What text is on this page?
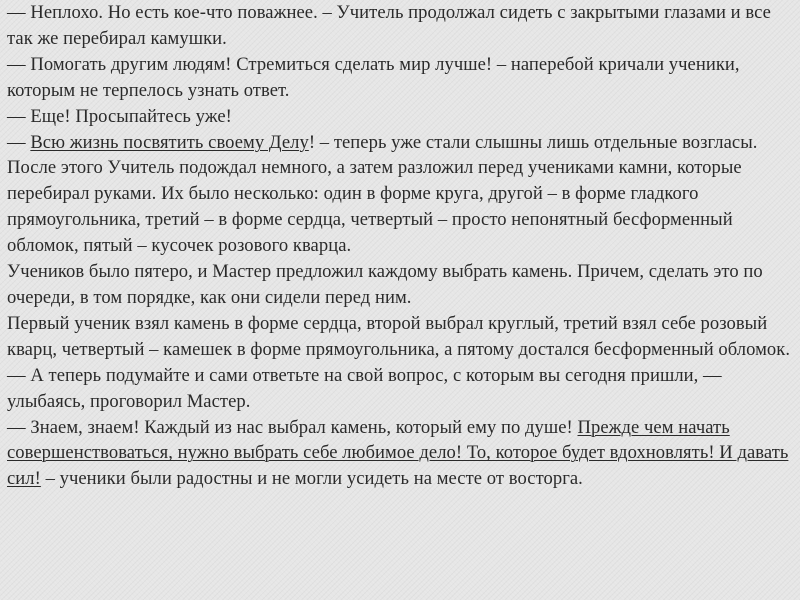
— Неплохо. Но есть кое-что поважнее. – Учитель продолжал сидеть с закрытыми глазами и все так же перебирал камушки.

— Помогать другим людям! Стремиться сделать мир лучше! – наперебой кричали ученики, которым не терпелось узнать ответ.

— Еще! Просыпайтесь уже!

— Всю жизнь посвятить своему Делу! – теперь уже стали слышны лишь отдельные возгласы.

После этого Учитель подождал немного, а затем разложил перед учениками камни, которые перебирал руками. Их было несколько: один в форме круга, другой – в форме гладкого прямоугольника, третий – в форме сердца, четвертый – просто непонятный бесформенный обломок, пятый – кусочек розового кварца.

Учеников было пятеро, и Мастер предложил каждому выбрать камень. Причем, сделать это по очереди, в том порядке, как они сидели перед ним.

Первый ученик взял камень в форме сердца, второй выбрал круглый, третий взял себе розовый кварц, четвертый – камешек в форме прямоугольника, а пятому достался бесформенный обломок.

— А теперь подумайте и сами ответьте на свой вопрос, с которым вы сегодня пришли, — улыбаясь, проговорил Мастер.

— Знаем, знаем! Каждый из нас выбрал камень, который ему по душе! Прежде чем начать совершенствоваться, нужно выбрать себе любимое дело! То, которое будет вдохновлять! И давать сил! – ученики были радостны и не могли усидеть на месте от восторга.
